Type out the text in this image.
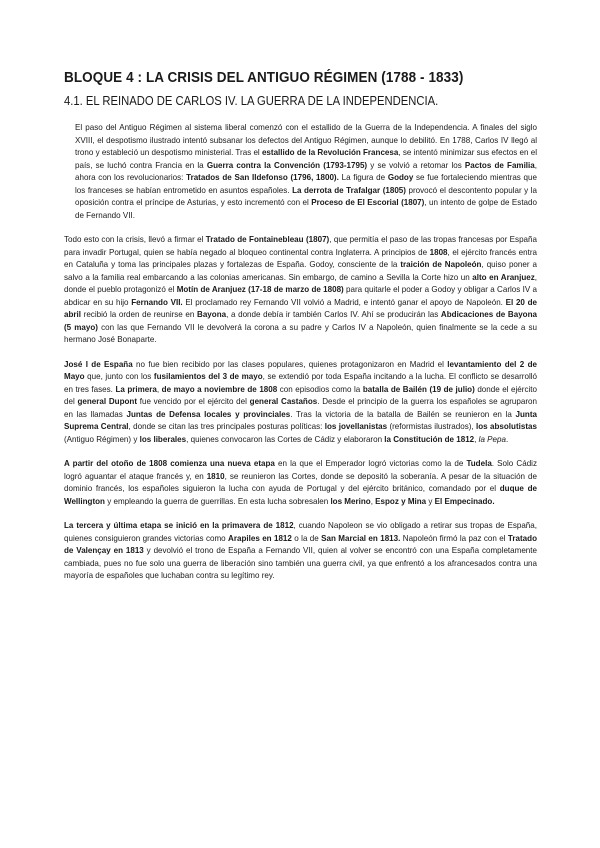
BLOQUE 4 : LA CRISIS DEL ANTIGUO RÉGIMEN (1788 - 1833)
4.1. EL REINADO DE CARLOS IV. LA GUERRA DE LA INDEPENDENCIA.

El paso del Antiguo Régimen al sistema liberal comenzó con el estallido de la Guerra de la Independencia. A finales del siglo XVIII, el despotismo ilustrado intentó subsanar los defectos del Antiguo Régimen, aunque lo debilitó. En 1788, Carlos IV llegó al trono y estableció un despotismo ministerial. Tras el estallido de la Revolución Francesa, se intentó minimizar sus efectos en el país, se luchó contra Francia en la Guerra contra la Convención (1793-1795) y se volvió a retomar los Pactos de Familia, ahora con los revolucionarios: Tratados de San Ildefonso (1796, 1800). La figura de Godoy se fue fortaleciendo mientras que los franceses se habían entrometido en asuntos españoles. La derrota de Trafalgar (1805) provocó el descontento popular y la oposición contra el príncipe de Asturias, y esto incrementó con el Proceso de El Escorial (1807), un intento de golpe de Estado de Fernando VII.

Todo esto con la crisis, llevó a firmar el Tratado de Fontainebleau (1807), que permitía el paso de las tropas francesas por España para invadir Portugal, quien se había negado al bloqueo continental contra Inglaterra. A principios de 1808, el ejército francés entra en Cataluña y toma las principales plazas y fortalezas de España. Godoy, consciente de la traición de Napoleón, quiso poner a salvo a la familia real embarcando a las colonias americanas. Sin embargo, de camino a Sevilla la Corte hizo un alto en Aranjuez, donde el pueblo protagonizó el Motín de Aranjuez (17-18 de marzo de 1808) para quitarle el poder a Godoy y obligar a Carlos IV a abdicar en su hijo Fernando VII. El proclamado rey Fernando VII volvió a Madrid, e intentó ganar el apoyo de Napoleón. El 20 de abril recibió la orden de reunirse en Bayona, a donde debía ir también Carlos IV. Ahí se producirán las Abdicaciones de Bayona (5 mayo) con las que Fernando VII le devolverá la corona a su padre y Carlos IV a Napoleón, quien finalmente se la cede a su hermano José Bonaparte.

José I de España no fue bien recibido por las clases populares, quienes protagonizaron en Madrid el levantamiento del 2 de Mayo que, junto con los fusilamientos del 3 de mayo, se extendió por toda España incitando a la lucha. El conflicto se desarrolló en tres fases. La primera, de mayo a noviembre de 1808 con episodios como la batalla de Bailén (19 de julio) donde el ejército del general Dupont fue vencido por el ejército del general Castaños. Desde el principio de la guerra los españoles se agruparon en las llamadas Juntas de Defensa locales y provinciales. Tras la victoria de la batalla de Bailén se reunieron en la Junta Suprema Central, donde se citan las tres principales posturas políticas: los jovellanistas (reformistas ilustrados), los absolutistas (Antiguo Régimen) y los liberales, quienes convocaron las Cortes de Cádiz y elaboraron la Constitución de 1812, la Pepa.

A partir del otoño de 1808 comienza una nueva etapa en la que el Emperador logró victorias como la de Tudela. Solo Cádiz logró aguantar el ataque francés y, en 1810, se reunieron las Cortes, donde se depositó la soberanía. A pesar de la situación de dominio francés, los españoles siguieron la lucha con ayuda de Portugal y del ejército británico, comandado por el duque de Wellington y empleando la guerra de guerrillas. En esta lucha sobresalen los Merino, Espoz y Mina y El Empecinado.

La tercera y última etapa se inició en la primavera de 1812, cuando Napoleon se vio obligado a retirar sus tropas de España, quienes consiguieron grandes victorias como Arapiles en 1812 o la de San Marcial en 1813. Napoleón firmó la paz con el Tratado de Valençay en 1813 y devolvió el trono de España a Fernando VII, quien al volver se encontró con una España completamente cambiada, pues no fue solo una guerra de liberación sino también una guerra civil, ya que enfrentó a los afrancesados contra una mayoría de españoles que luchaban contra su legítimo rey.
